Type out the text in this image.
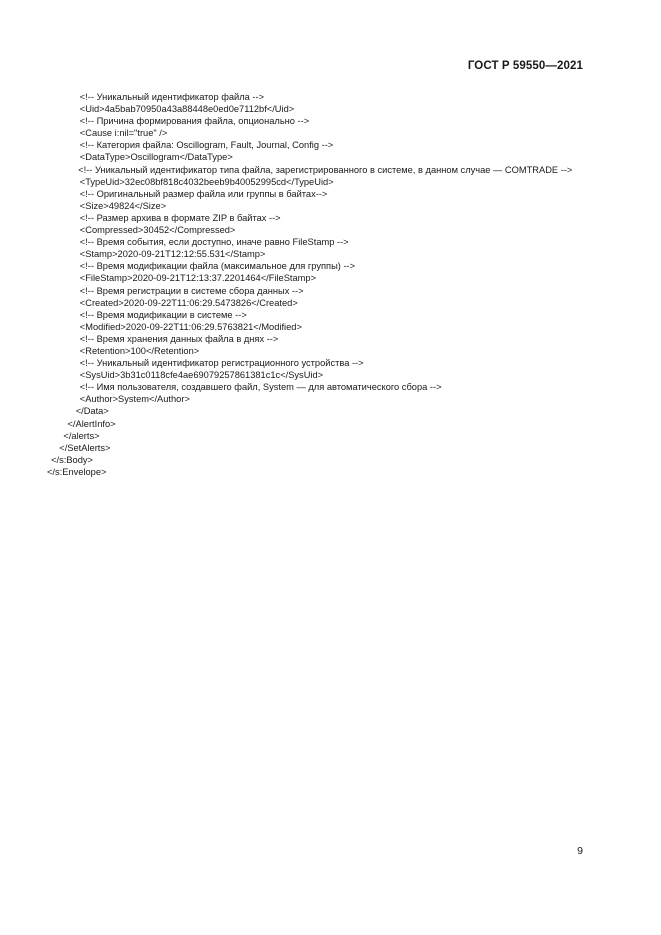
ГОСТ Р 59550—2021
<!-- Уникальный идентификатор файла -->
<Uid>4a5bab70950a43a88448e0ed0e7112bf</Uid>
<!-- Причина формирования файла, опционально -->
<Cause i:nil="true" />
<!-- Категория файла: Oscillogram, Fault, Journal, Config -->
<DataType>Oscillogram</DataType>
<!-- Уникальный идентификатор типа файла, зарегистрированного в системе, в данном случае — COMTRADE -->
<TypeUid>32ec08bf818c4032beeb9b40052995cd</TypeUid>
<!-- Оригинальный размер файла или группы в байтах-->
<Size>49824</Size>
<!-- Размер архива в формате ZIP в байтах -->
<Compressed>30452</Compressed>
<!-- Время события, если доступно, иначе равно FileStamp -->
<Stamp>2020-09-21T12:12:55.531</Stamp>
<!-- Время модификации файла (максимальное для группы) -->
<FileStamp>2020-09-21T12:13:37.2201464</FileStamp>
<!-- Время регистрации в системе сбора данных -->
<Created>2020-09-22T11:06:29.5473826</Created>
<!-- Время модификации в системе -->
<Modified>2020-09-22T11:06:29.5763821</Modified>
<!-- Время хранения данных файла в днях -->
<Retention>100</Retention>
<!-- Уникальный идентификатор регистрационного устройства -->
<SysUid>3b31c0118cfe4ae69079257861381c1c</SysUid>
<!-- Имя пользователя, создавшего файл, System — для автоматического сбора -->
<Author>System</Author>
</Data>
</AlertInfo>
</alerts>
</SetAlerts>
</s:Body>
</s:Envelope>
9
